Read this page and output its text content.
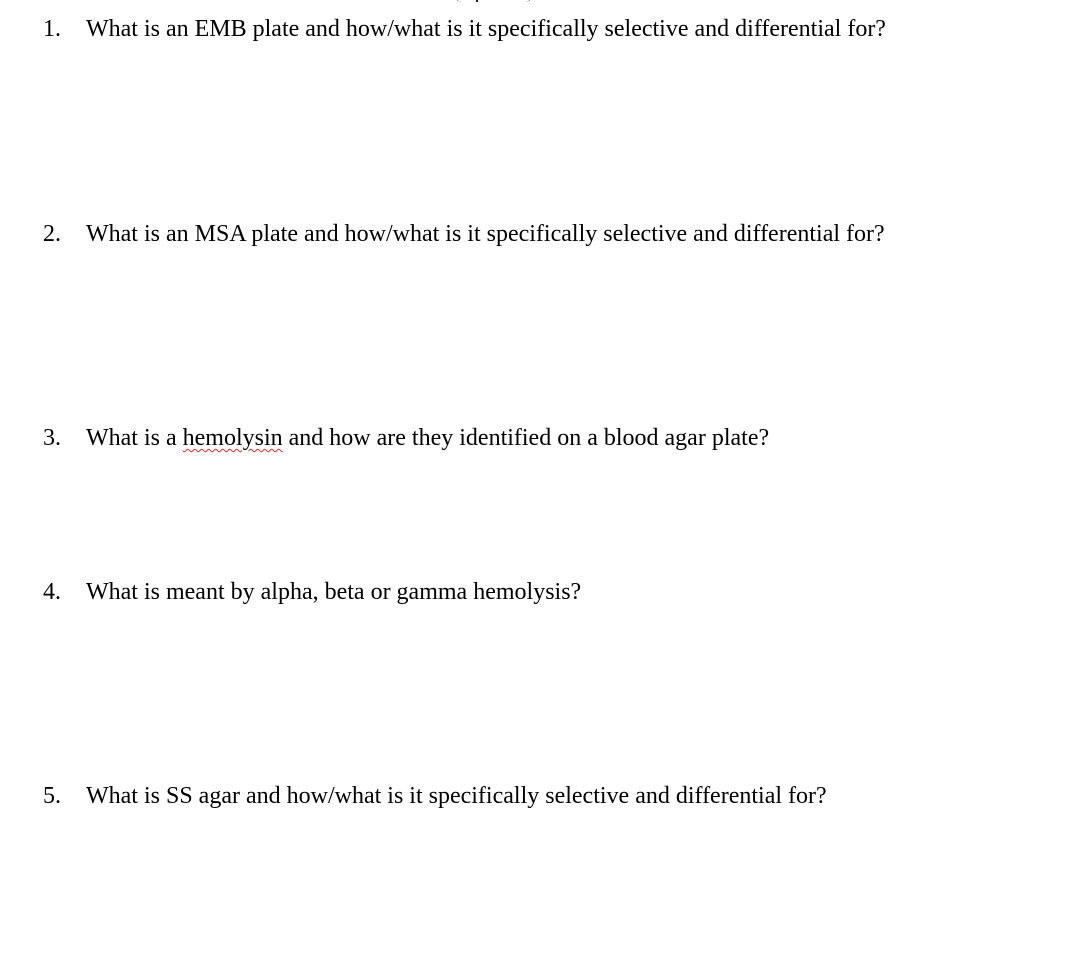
1. What is an EMB plate and how/what is it specifically selective and differential for?
2. What is an MSA plate and how/what is it specifically selective and differential for?
3. What is a hemolysin and how are they identified on a blood agar plate?
4. What is meant by alpha, beta or gamma hemolysis?
5. What is SS agar and how/what is it specifically selective and differential for?
